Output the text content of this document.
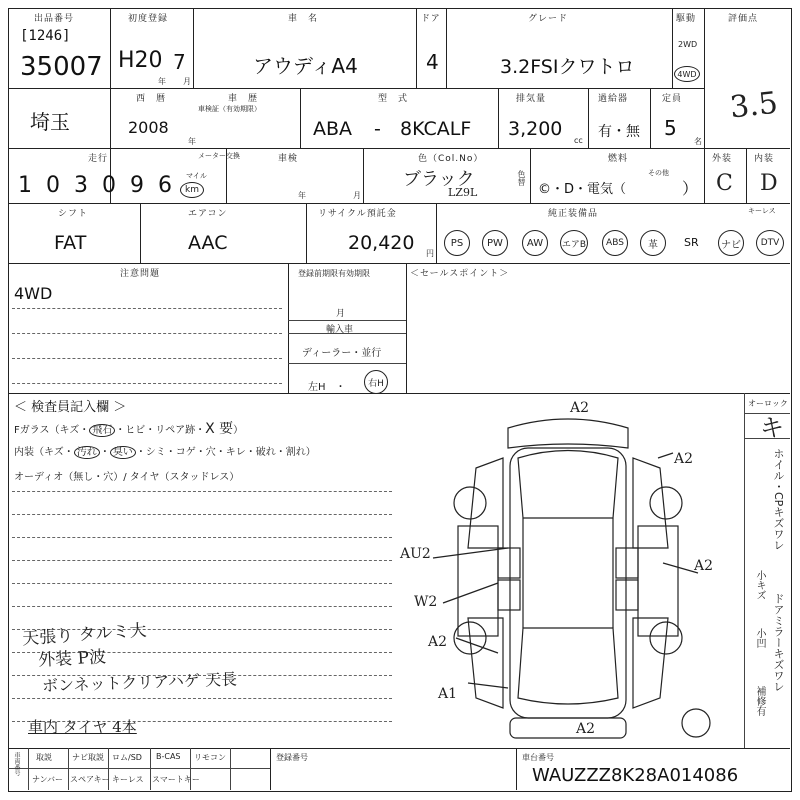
出品番号
[1246]
35007
初度登録
H20 7
年 月
車　名
アウディA4
ドア
4
グレード
3.2FSIクワトロ
駆動
2WD
4WD
評価点
3.5
埼玉
西　暦
2008
年
車　歴
車検証（有効期限）
型　式
ABA - 8KCALF
排気量
3,200
cc
過給器
有・無
定員
5
名
走行	メーター交換
1 0 3 0 9 6 マイル
km
車検
年	月
色（Col.No）
ブラック
LZ9L
色替
燃料
©・D・電気（
その他
）
外装
C
内装
D
シフト
FAT
エアコン
AAC
リサイクル預託金
20,420 円
純正装備品	キーレス
PS PW AW エアB ABS 革 SR ナビ DTV
注意問題
4WD
登録前期限有効期限
月
輸入車
ディーラー・並行
左H　・	右H
＜セールスポイント＞
＜ 検査員記入欄 ＞
Fガラス（キズ・ 飛石 ・ヒビ・リペア跡・X 要）
内装（キズ・ 汚れ ・ 臭い ・シミ・コゲ・穴・キレ・破れ・割れ）
オーディオ（無し・穴）/ タイヤ（スタッドレス）
天張り タルミ大
外装 P波
ボンネットクリアハゲ 天長
車内 タイヤ 4本
A2
A2
AU2
A2
W2
A2
A1
A2
オーロック
キ
ホイル・CPキズワレ
ドアミラーキズワレ
小キズ
小凹
補修有
車両番号 取説	ナビ取説 ロム/SD B-CAS リモコン
ナンバー スペアキー キーレス スマートキー
登録番号	車台番号
WAUZZZ8K28A014086
